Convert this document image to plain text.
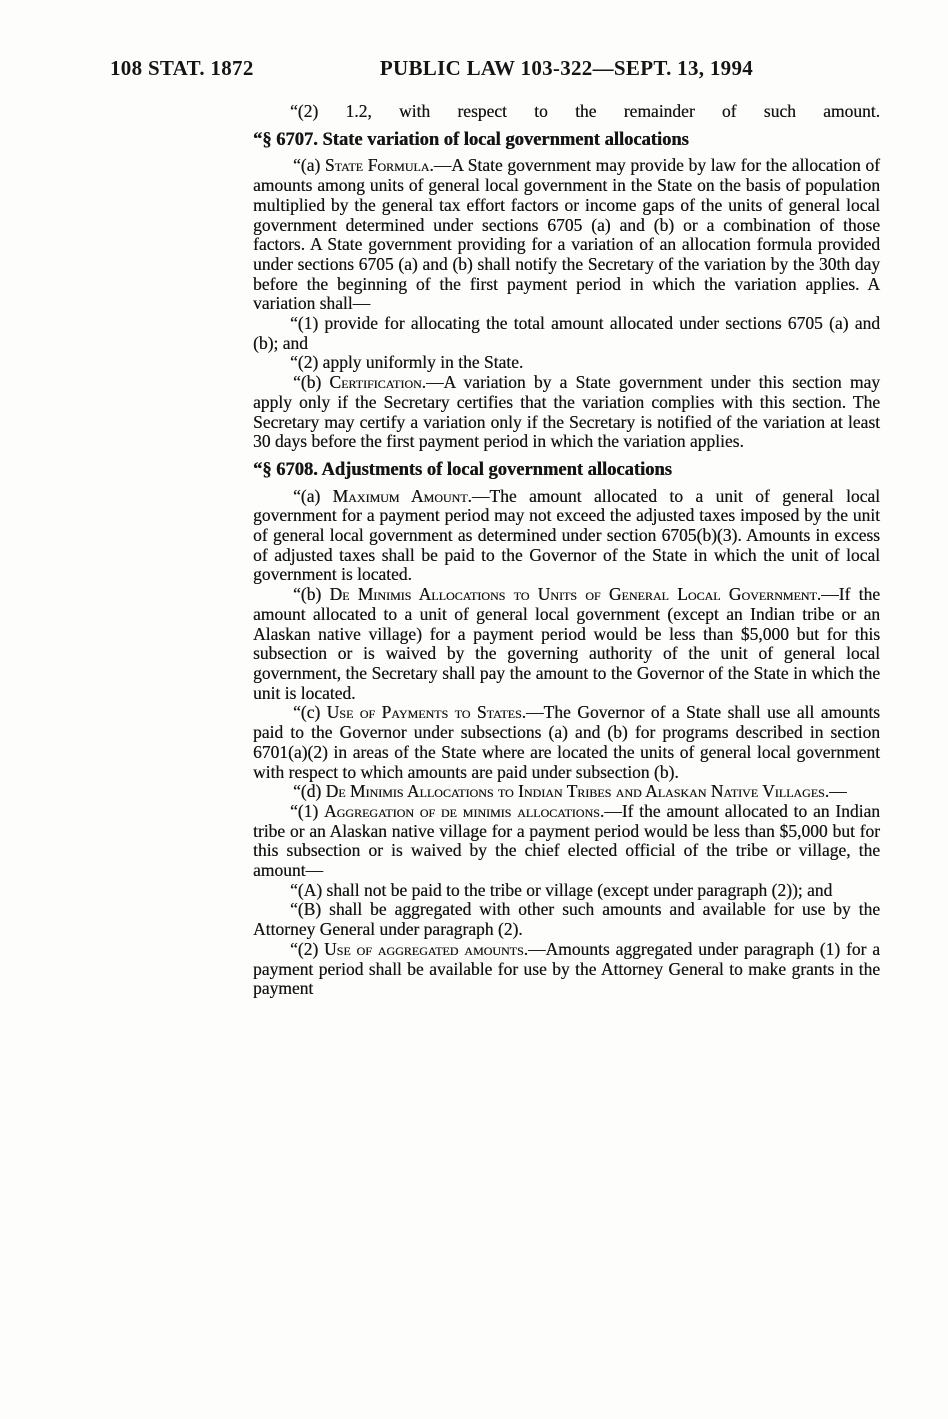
108 STAT. 1872	PUBLIC LAW 103-322—SEPT. 13, 1994

“(2) 1.2, with respect to the remainder of such amount.

“§ 6707. State variation of local government allocations

“(a) State Formula.—A State government may provide by law for the allocation of amounts among units of general local government in the State on the basis of population multiplied by the general tax effort factors or income gaps of the units of general local government determined under sections 6705 (a) and (b) or a combination of those factors. A State government providing for a variation of an allocation formula provided under sections 6705 (a) and (b) shall notify the Secretary of the variation by the 30th day before the beginning of the first payment period in which the variation applies. A variation shall—

“(1) provide for allocating the total amount allocated under sections 6705 (a) and (b); and

“(2) apply uniformly in the State.

“(b) Certification.—A variation by a State government under this section may apply only if the Secretary certifies that the variation complies with this section. The Secretary may certify a variation only if the Secretary is notified of the variation at least 30 days before the first payment period in which the variation applies.

“§ 6708. Adjustments of local government allocations

“(a) Maximum Amount.—The amount allocated to a unit of general local government for a payment period may not exceed the adjusted taxes imposed by the unit of general local government as determined under section 6705(b)(3). Amounts in excess of adjusted taxes shall be paid to the Governor of the State in which the unit of local government is located.

“(b) De Minimis Allocations to Units of General Local Government.—If the amount allocated to a unit of general local government (except an Indian tribe or an Alaskan native village) for a payment period would be less than $5,000 but for this subsection or is waived by the governing authority of the unit of general local government, the Secretary shall pay the amount to the Governor of the State in which the unit is located.

“(c) Use of Payments to States.—The Governor of a State shall use all amounts paid to the Governor under subsections (a) and (b) for programs described in section 6701(a)(2) in areas of the State where are located the units of general local government with respect to which amounts are paid under subsection (b).

“(d) De Minimis Allocations to Indian Tribes and Alaskan Native Villages.—

“(1) Aggregation of de minimis allocations.—If the amount allocated to an Indian tribe or an Alaskan native village for a payment period would be less than $5,000 but for this subsection or is waived by the chief elected official of the tribe or village, the amount—

“(A) shall not be paid to the tribe or village (except under paragraph (2)); and

“(B) shall be aggregated with other such amounts and available for use by the Attorney General under paragraph (2).

“(2) Use of aggregated amounts.—Amounts aggregated under paragraph (1) for a payment period shall be available for use by the Attorney General to make grants in the payment
